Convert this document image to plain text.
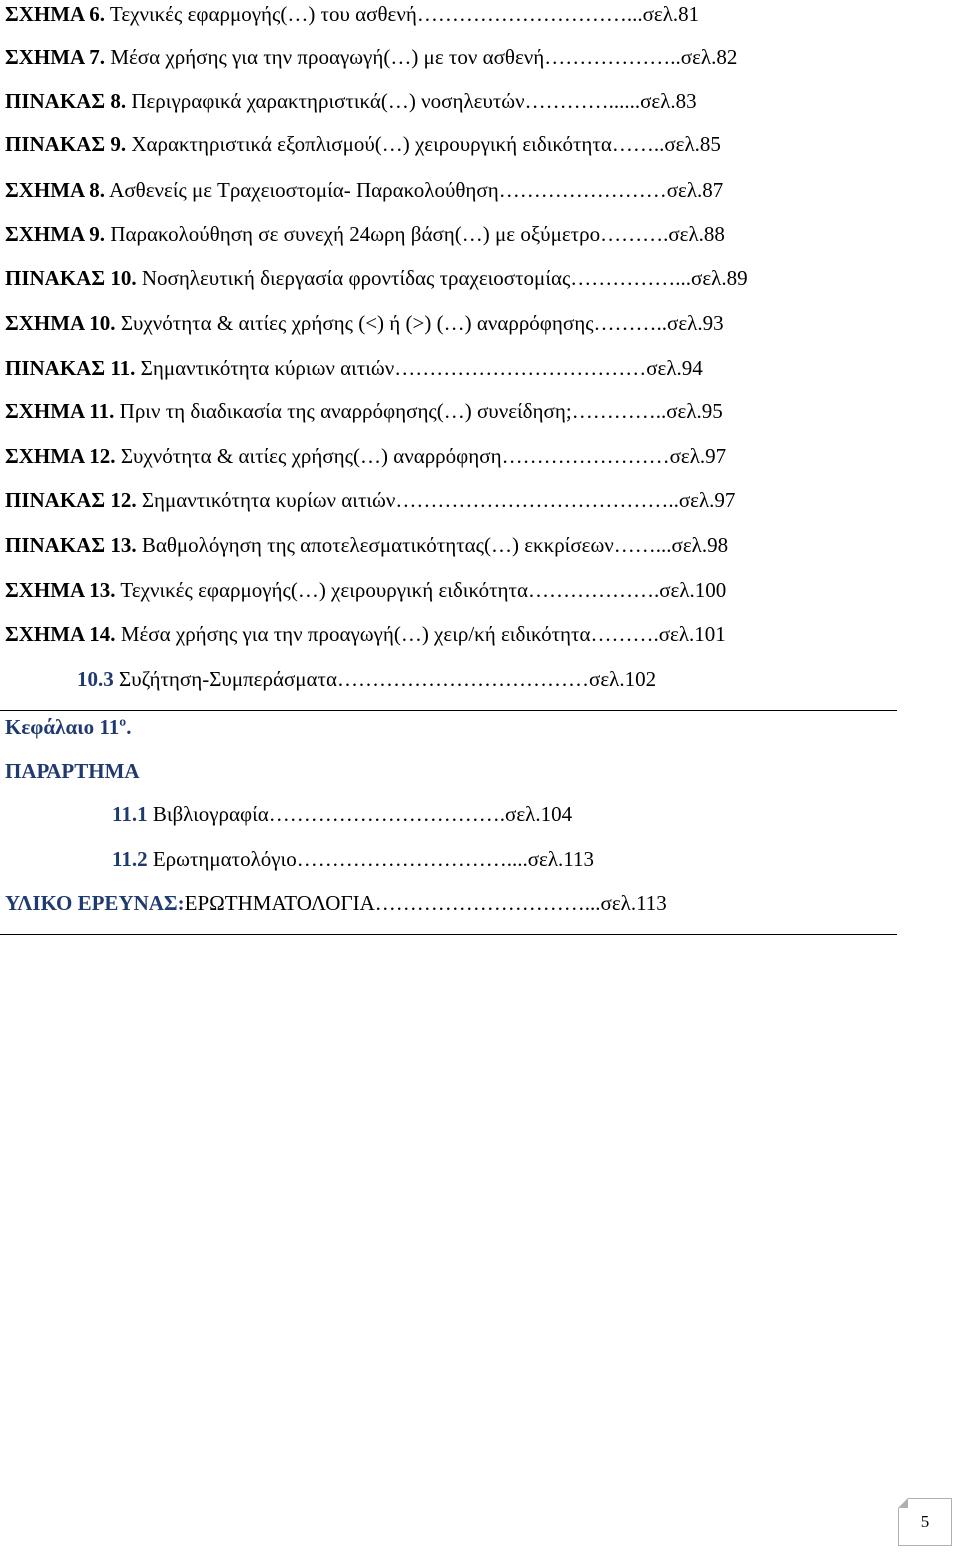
ΣΧΗΜΑ 6. Τεχνικές εφαρμογής(…) του ασθενή…………………………...σελ.81
ΣΧΗΜΑ 7. Μέσα χρήσης για την προαγωγή(…) με τον ασθενή………………..σελ.82
ΠΙΝΑΚΑΣ 8. Περιγραφικά χαρακτηριστικά(…) νοσηλευτών…………......σελ.83
ΠΙΝΑΚΑΣ 9. Χαρακτηριστικά εξοπλισμού(…) χειρουργική ειδικότητα……..σελ.85
ΣΧΗΜΑ 8. Ασθενείς με Τραχειοστομία- Παρακολούθηση……………………σελ.87
ΣΧΗΜΑ 9. Παρακολούθηση σε συνεχή 24ωρη βάση(…) με οξύμετρο……….σελ.88
ΠΙΝΑΚΑΣ 10. Νοσηλευτική διεργασία φροντίδας τραχειοστομίας……………...σελ.89
ΣΧΗΜΑ 10. Συχνότητα & αιτίες χρήσης (<) ή (>) (…) αναρρόφησης………..σελ.93
ΠΙΝΑΚΑΣ 11. Σημαντικότητα κύριων αιτιών………………………………σελ.94
ΣΧΗΜΑ 11. Πριν τη διαδικασία της αναρρόφησης(…) συνείδηση;…………..σελ.95
ΣΧΗΜΑ 12. Συχνότητα & αιτίες χρήσης(…) αναρρόφηση……………………σελ.97
ΠΙΝΑΚΑΣ 12. Σημαντικότητα κυρίων αιτιών…………………………………..σελ.97
ΠΙΝΑΚΑΣ 13. Βαθμολόγηση της αποτελεσματικότητας(…) εκκρίσεων……...σελ.98
ΣΧΗΜΑ 13. Τεχνικές εφαρμογής(…) χειρουργική ειδικότητα……………….σελ.100
ΣΧΗΜΑ 14. Μέσα χρήσης για την προαγωγή(…) χειρ/κή ειδικότητα……….σελ.101
10.3 Συζήτηση-Συμπεράσματα………………………………σελ.102
Κεφάλαιο 11º.
ΠΑΡΑΡΤΗΜΑ
11.1 Βιβλιογραφία…………………………….σελ.104
11.2 Ερωτηματολόγιο…………………………....σελ.113
ΥΛΙΚΟ ΕΡΕΥΝΑΣ:ΕΡΩΤΗΜΑΤΟΛΟΓΙΑ…………………………...σελ.113
5
